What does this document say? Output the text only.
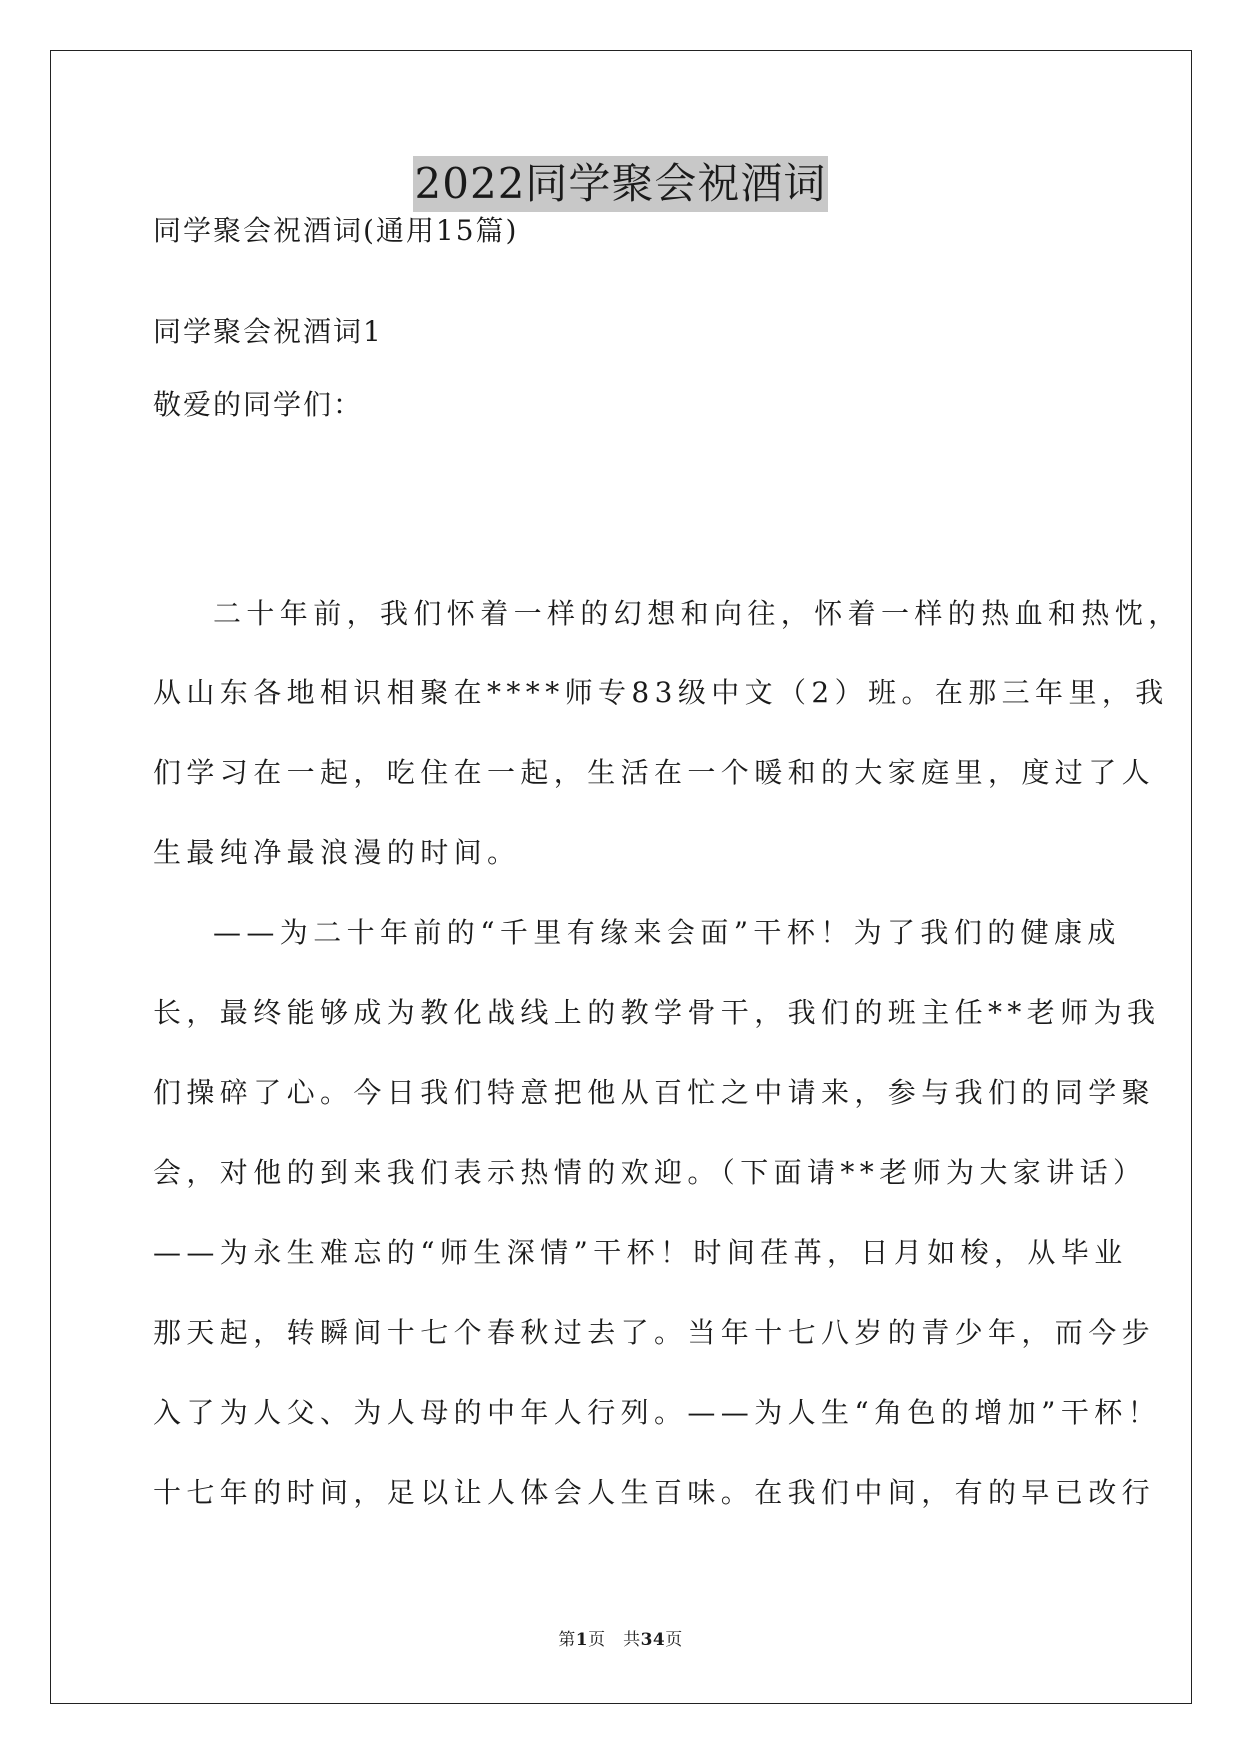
2022同学聚会祝酒词
同学聚会祝酒词(通用15篇)
同学聚会祝酒词1
敬爱的同学们：
二十年前，我们怀着一样的幻想和向往，怀着一样的热血和热忱，
从山东各地相识相聚在****师专83级中文（2）班。在那三年里，我
们学习在一起，吃住在一起，生活在一个暖和的大家庭里，度过了人
生最纯净最浪漫的时间。
——为二十年前的“千里有缘来会面”干杯！为了我们的健康成
长，最终能够成为教化战线上的教学骨干，我们的班主任**老师为我
们操碎了心。今日我们特意把他从百忙之中请来，参与我们的同学聚
会，对他的到来我们表示热情的欢迎。（下面请**老师为大家讲话）
——为永生难忘的“师生深情”干杯！时间荏苒，日月如梭，从毕业
那天起，转瞬间十七个春秋过去了。当年十七八岁的青少年，而今步
入了为人父、为人母的中年人行列。——为人生“角色的增加”干杯！
十七年的时间，足以让人体会人生百味。在我们中间，有的早已改行
第1页　共34页
